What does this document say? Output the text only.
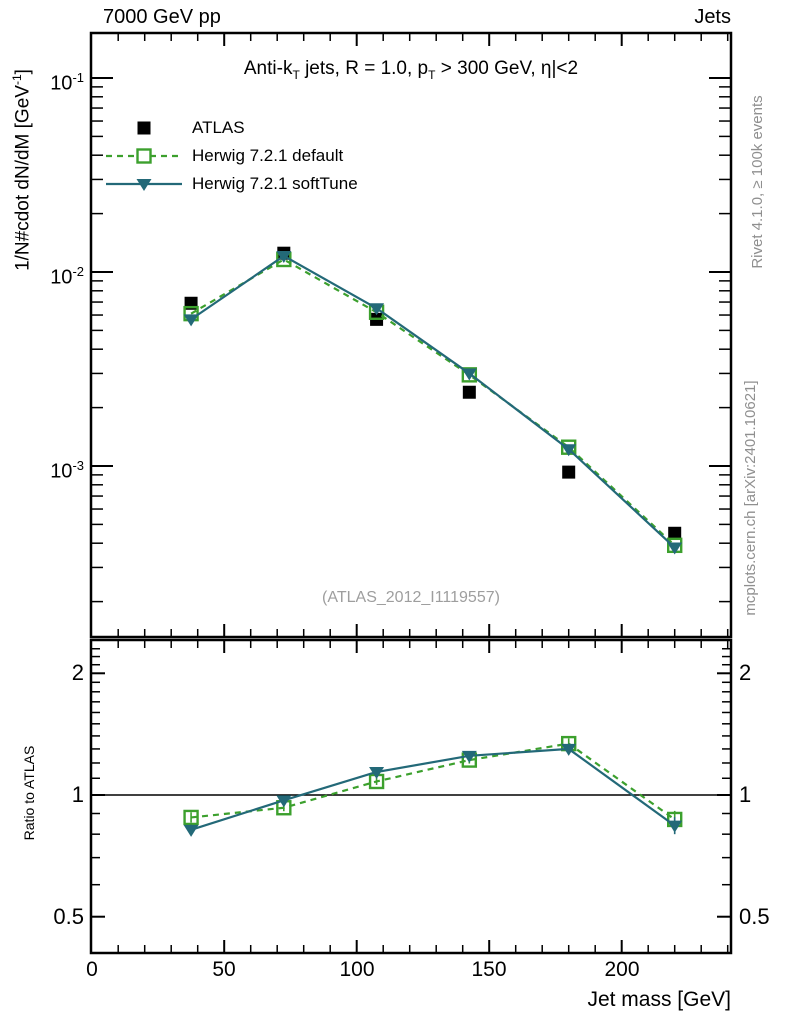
7000 GeV pp	Jets
Anti-$k_T$ jets, R = 1.0, $p_T > 300$ GeV, η|<2
ATLAS
Herwig 7.2.1 default
Herwig 7.2.1 softTune
$10^{-1}$
$10^{-2}$
$10^{-3}$
2
1
0.5
2
1
0.5
0	50	100	150	200
Jet mass [GeV]
1/N#cdot dN/dM [GeV$^{-1}$]
Ratio to ATLAS
Rivet 4.1.0, ≥ 100k events
mcplots.cern.ch [arXiv:2401.10621]
(ATLAS_2012_I1119557)
